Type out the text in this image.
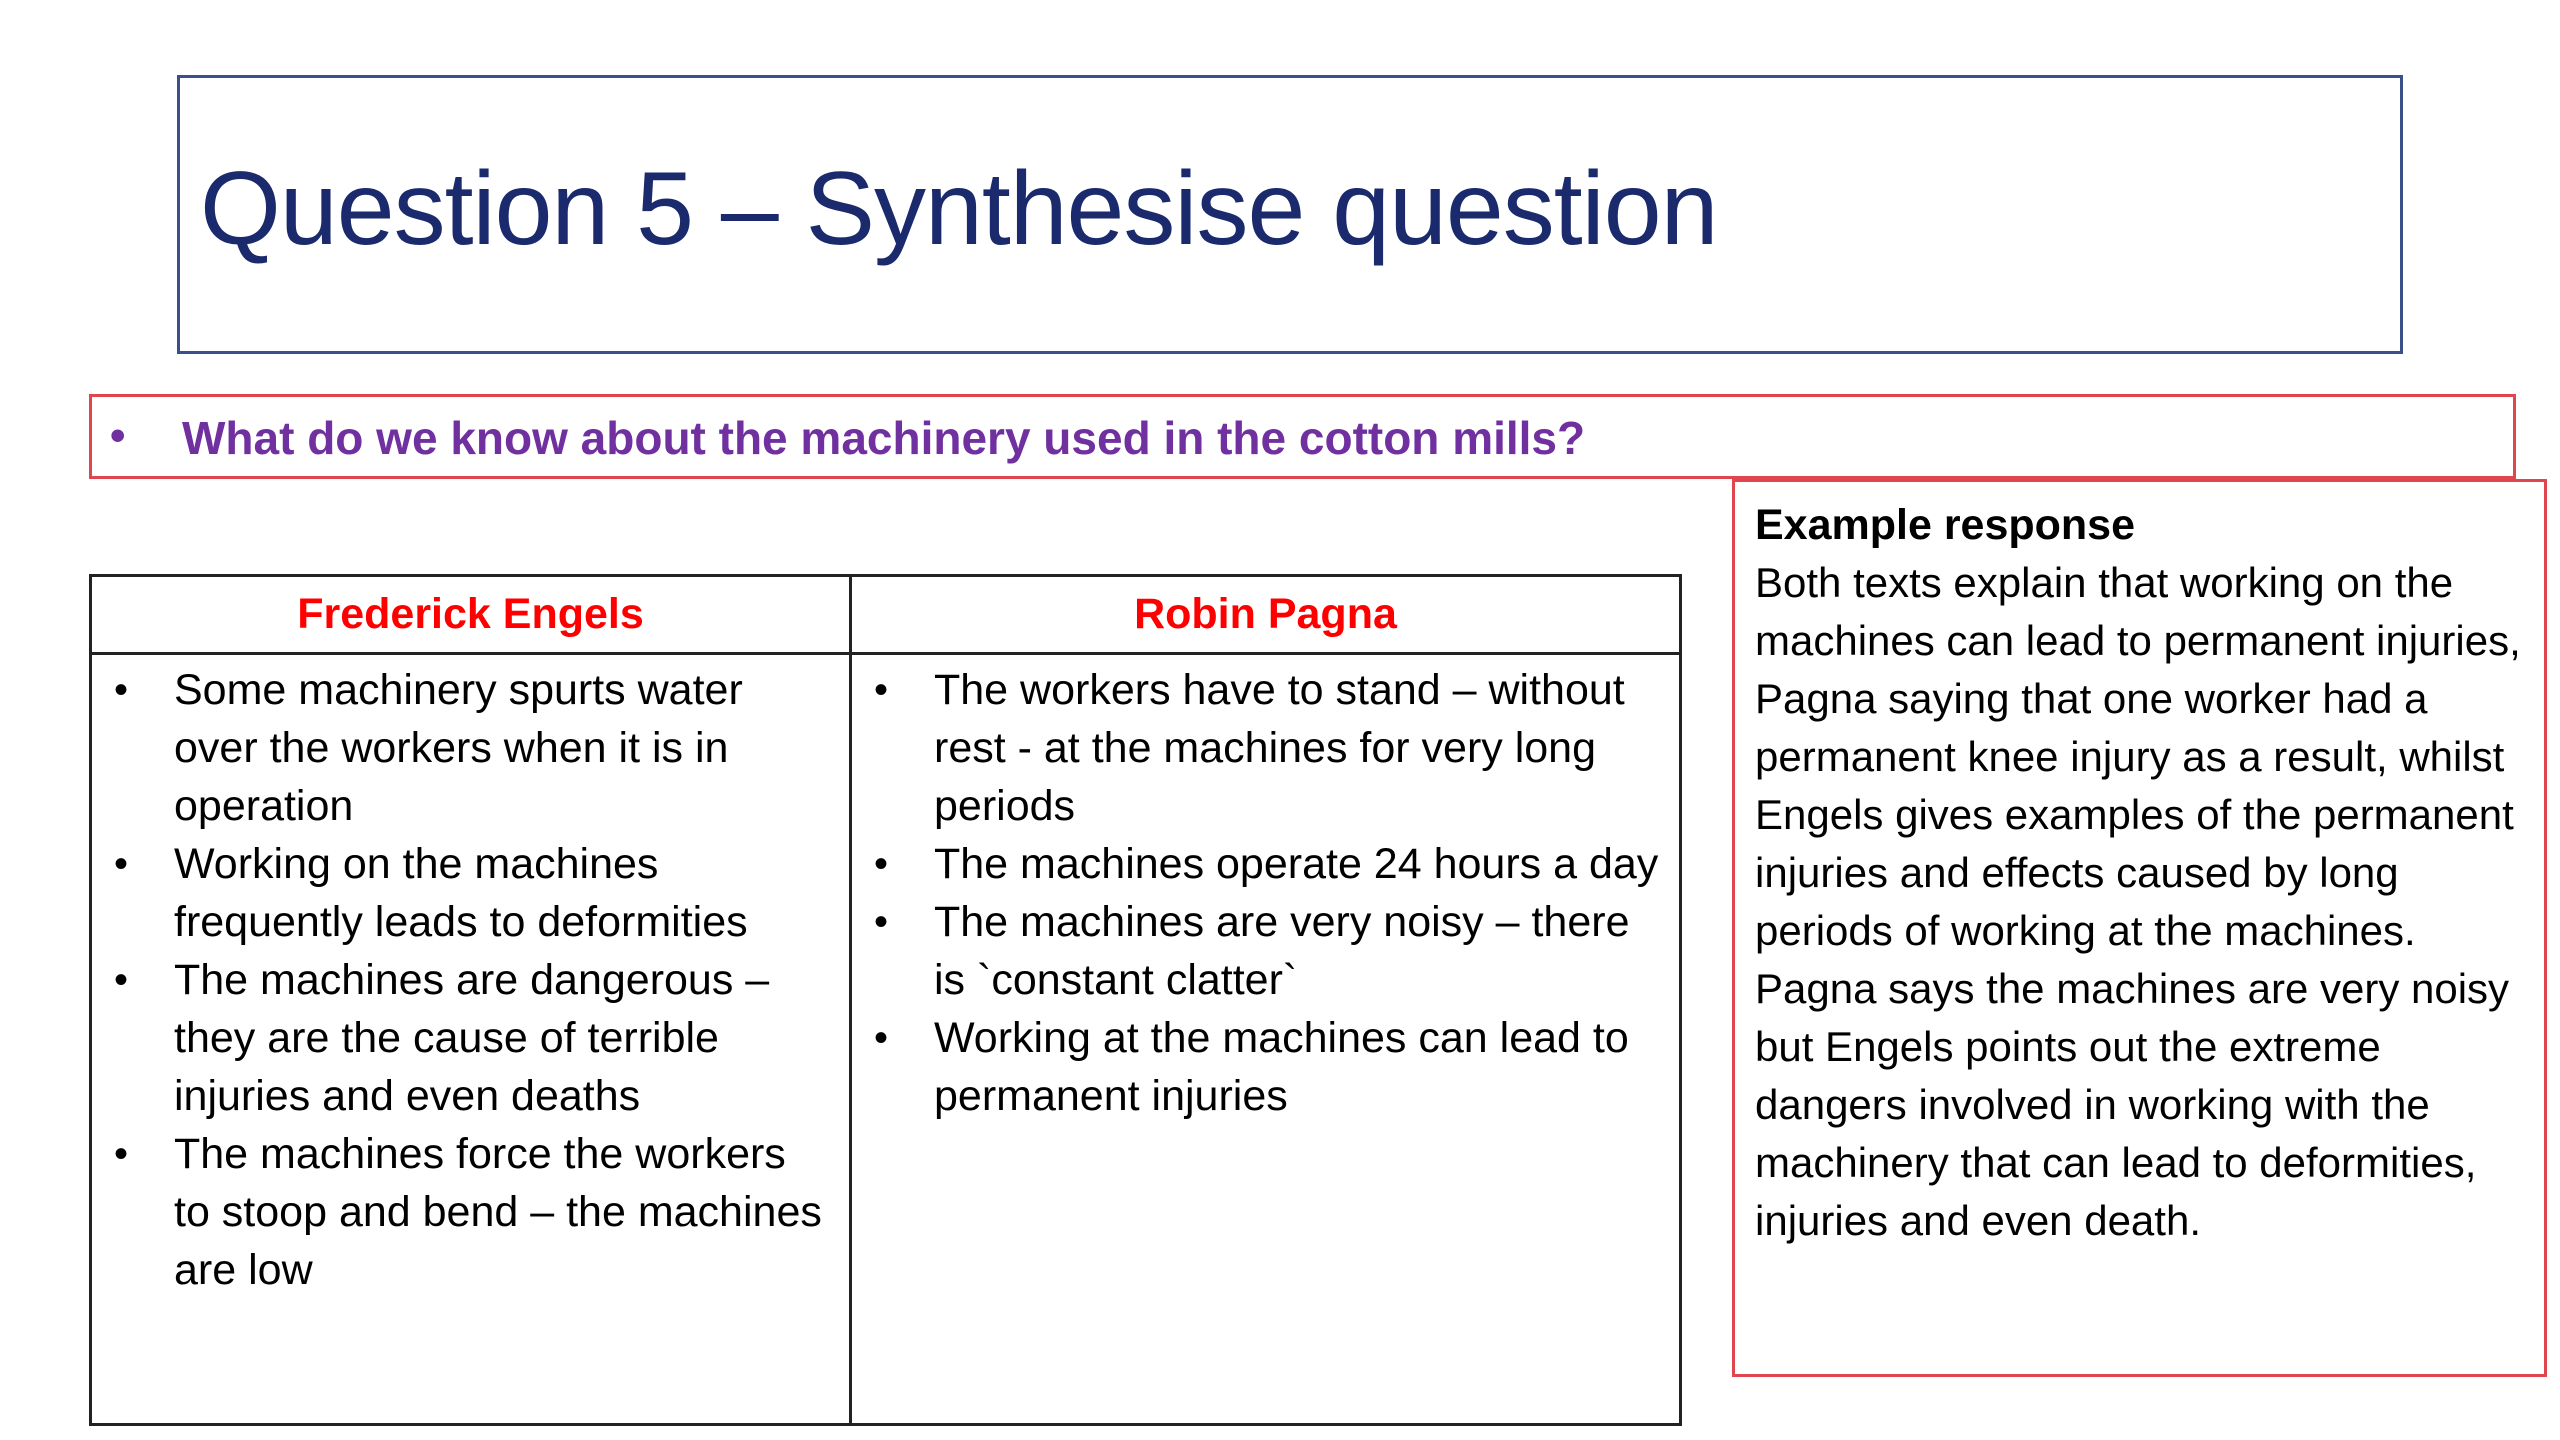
Question 5 – Synthesise question
• What do we know about the machinery used in the cotton mills?
Frederick Engels	Robin Pagna
• Some machinery spurts water over the workers when it is in operation
• Working on the machines frequently leads to deformities
• The machines are dangerous – they are the cause of terrible injuries and even deaths
• The machines force the workers to stoop and bend – the machines are low
• The workers have to stand – without rest - at the machines for very long periods
• The machines operate 24 hours a day
• The machines are very noisy – there is `constant clatter`
• Working at the machines can lead to permanent injuries
Example response
Both texts explain that working on the machines can lead to permanent injuries, Pagna saying that one worker had a permanent knee injury as a result, whilst Engels gives examples of the permanent injuries and effects caused by long periods of working at the machines. Pagna says the machines are very noisy but Engels points out the extreme dangers involved in working with the machinery that can lead to deformities, injuries and even death.
